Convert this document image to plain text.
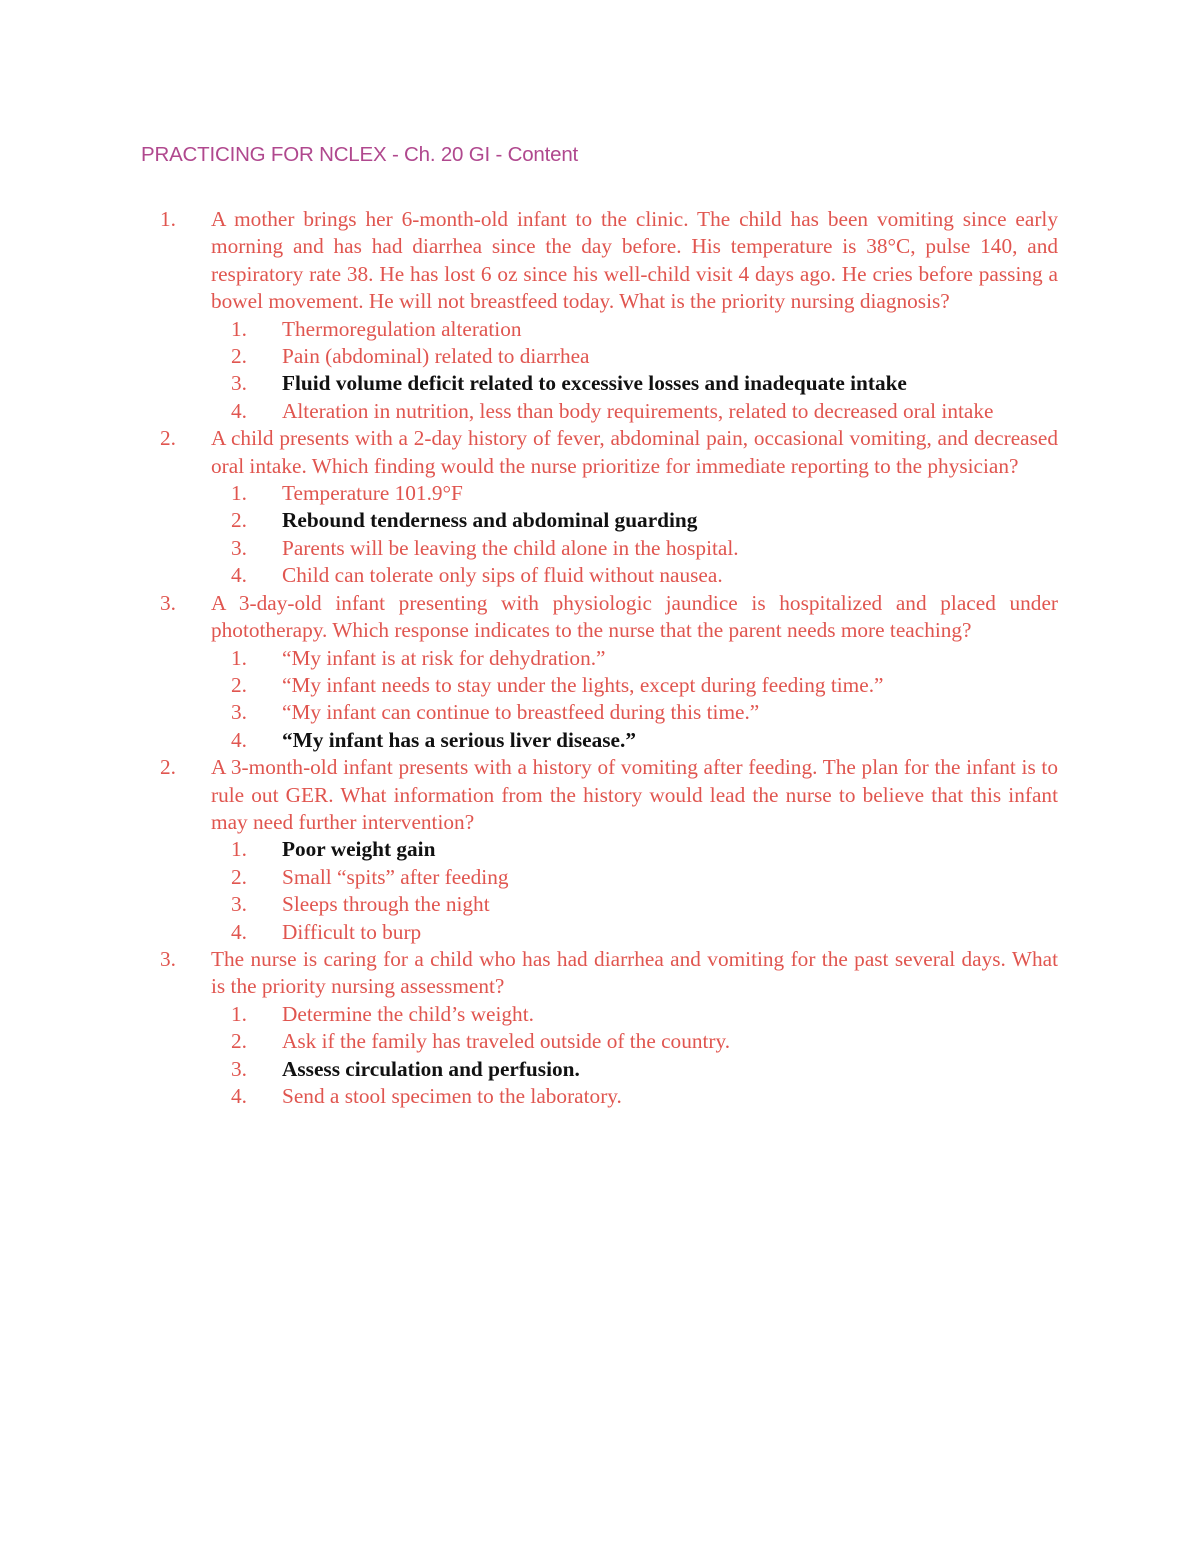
PRACTICING FOR NCLEX - Ch. 20 GI - Content
1. A mother brings her 6-month-old infant to the clinic. The child has been vomiting since early morning and has had diarrhea since the day before. His temperature is 38°C, pulse 140, and respiratory rate 38. He has lost 6 oz since his well-child visit 4 days ago. He cries before passing a bowel movement. He will not breastfeed today. What is the priority nursing diagnosis?
1. Thermoregulation alteration
2. Pain (abdominal) related to diarrhea
3. Fluid volume deficit related to excessive losses and inadequate intake
4. Alteration in nutrition, less than body requirements, related to decreased oral intake
2. A child presents with a 2-day history of fever, abdominal pain, occasional vomiting, and decreased oral intake. Which finding would the nurse prioritize for immediate reporting to the physician?
1. Temperature 101.9°F
2. Rebound tenderness and abdominal guarding
3. Parents will be leaving the child alone in the hospital.
4. Child can tolerate only sips of fluid without nausea.
3. A 3-day-old infant presenting with physiologic jaundice is hospitalized and placed under phototherapy. Which response indicates to the nurse that the parent needs more teaching?
1. “My infant is at risk for dehydration.”
2. “My infant needs to stay under the lights, except during feeding time.”
3. “My infant can continue to breastfeed during this time.”
4. “My infant has a serious liver disease.”
2. A 3-month-old infant presents with a history of vomiting after feeding. The plan for the infant is to rule out GER. What information from the history would lead the nurse to believe that this infant may need further intervention?
1. Poor weight gain
2. Small “spits” after feeding
3. Sleeps through the night
4. Difficult to burp
3. The nurse is caring for a child who has had diarrhea and vomiting for the past several days. What is the priority nursing assessment?
1. Determine the child’s weight.
2. Ask if the family has traveled outside of the country.
3. Assess circulation and perfusion.
4. Send a stool specimen to the laboratory.
